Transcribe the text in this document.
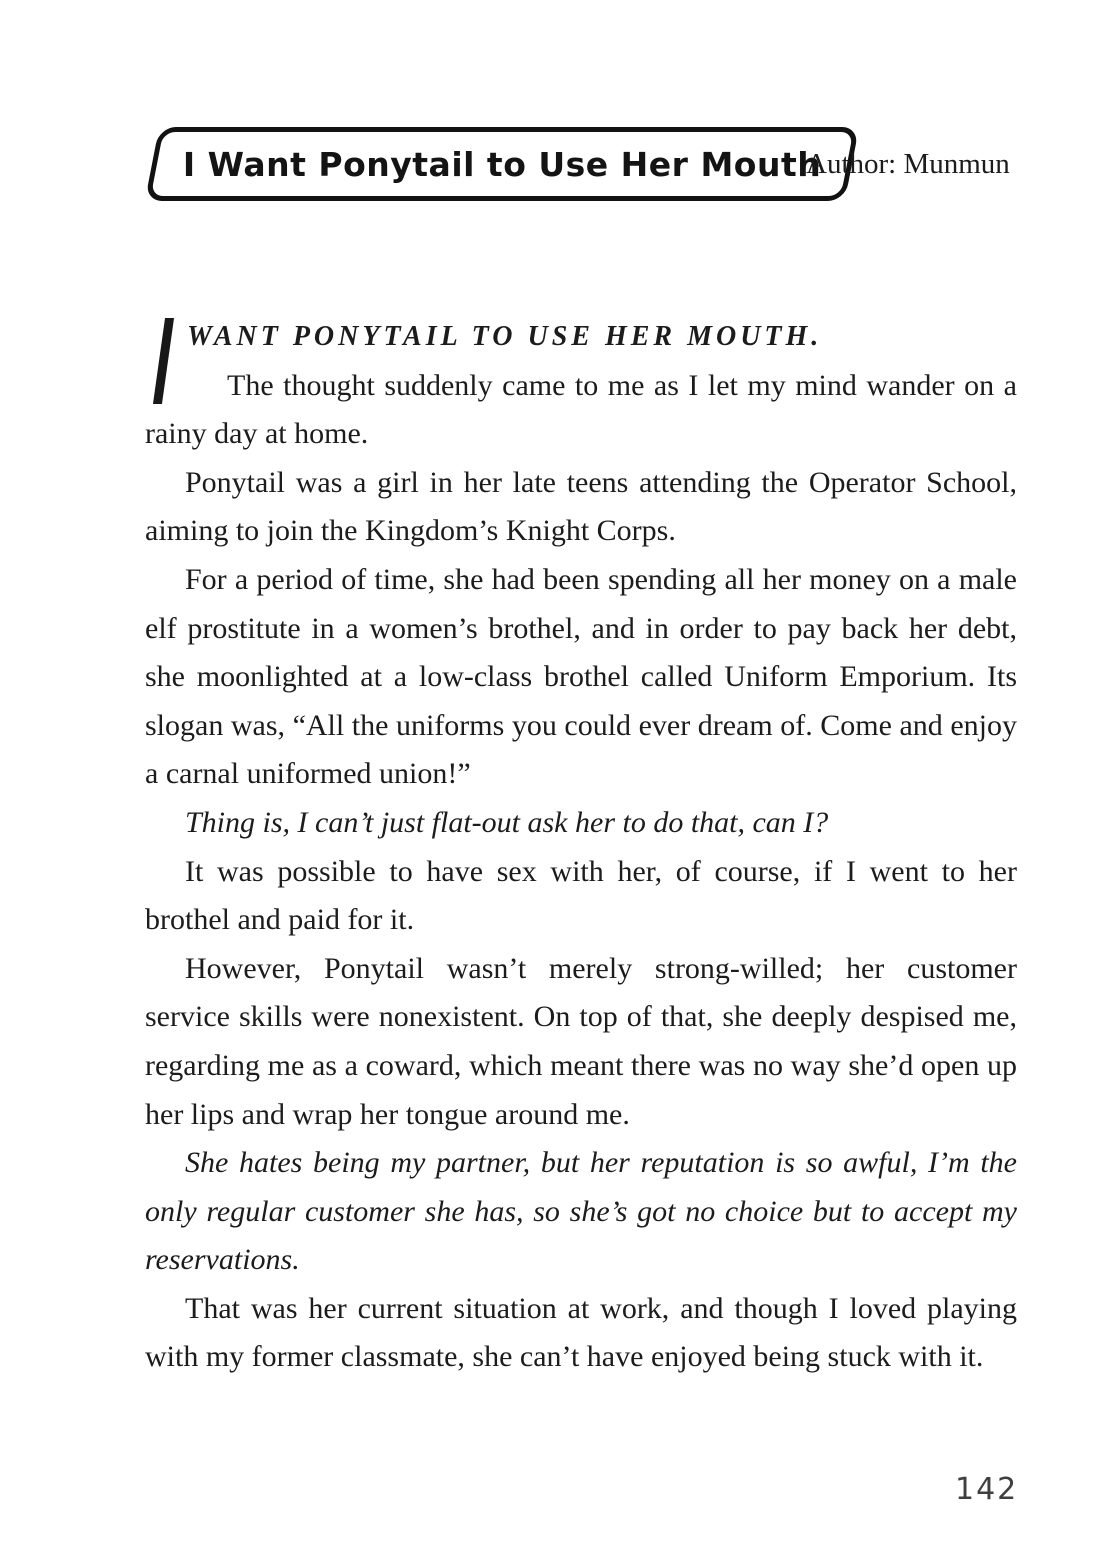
I Want Ponytail to Use Her Mouth
Author: Munmun
WANT PONYTAIL TO USE HER MOUTH.
The thought suddenly came to me as I let my mind wander on a rainy day at home.
Ponytail was a girl in her late teens attending the Operator School, aiming to join the Kingdom’s Knight Corps.
For a period of time, she had been spending all her money on a male elf prostitute in a women’s brothel, and in order to pay back her debt, she moonlighted at a low-class brothel called Uniform Emporium. Its slogan was, “All the uniforms you could ever dream of. Come and enjoy a carnal uniformed union!”
Thing is, I can’t just flat-out ask her to do that, can I?
It was possible to have sex with her, of course, if I went to her brothel and paid for it.
However, Ponytail wasn’t merely strong-willed; her customer service skills were nonexistent. On top of that, she deeply despised me, regarding me as a coward, which meant there was no way she’d open up her lips and wrap her tongue around me.
She hates being my partner, but her reputation is so awful, I’m the only regular customer she has, so she’s got no choice but to accept my reservations.
That was her current situation at work, and though I loved playing with my former classmate, she can’t have enjoyed being stuck with it.
142
